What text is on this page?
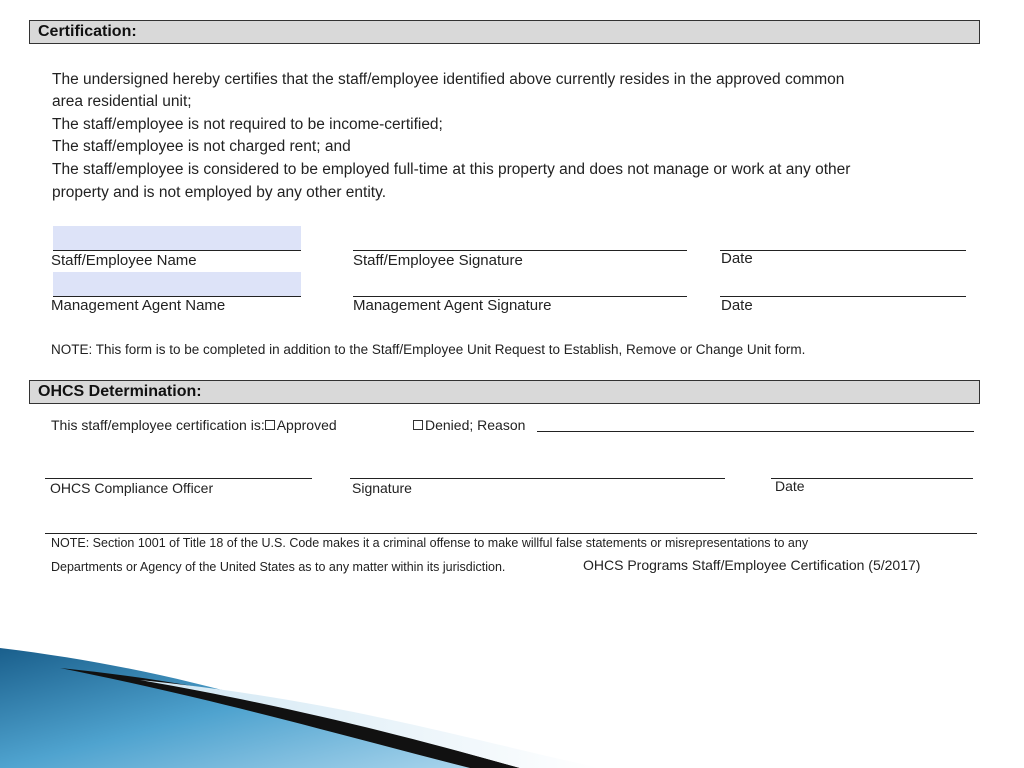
Certification:
The undersigned hereby certifies that the staff/employee identified above currently resides in the approved common
area residential unit;
The staff/employee is not required to be income-certified;
The staff/employee is not charged rent; and
The staff/employee is considered to be employed full-time at this property and does not manage or work at any other
property and is not employed by any other entity.
Staff/Employee Name	Staff/Employee Signature	Date
Management Agent Name	Management Agent Signature	Date
NOTE: This form is to be completed in addition to the Staff/Employee Unit Request to Establish, Remove or Change Unit form.
OHCS Determination:
This staff/employee certification is: Approved	Denied; Reason
OHCS Compliance Officer	Signature	Date
NOTE: Section 1001 of Title 18 of the U.S. Code makes it a criminal offense to make willful false statements or misrepresentations to any
Departments or Agency of the United States as to any matter within its jurisdiction.	OHCS Programs Staff/Employee Certification (5/2017)
